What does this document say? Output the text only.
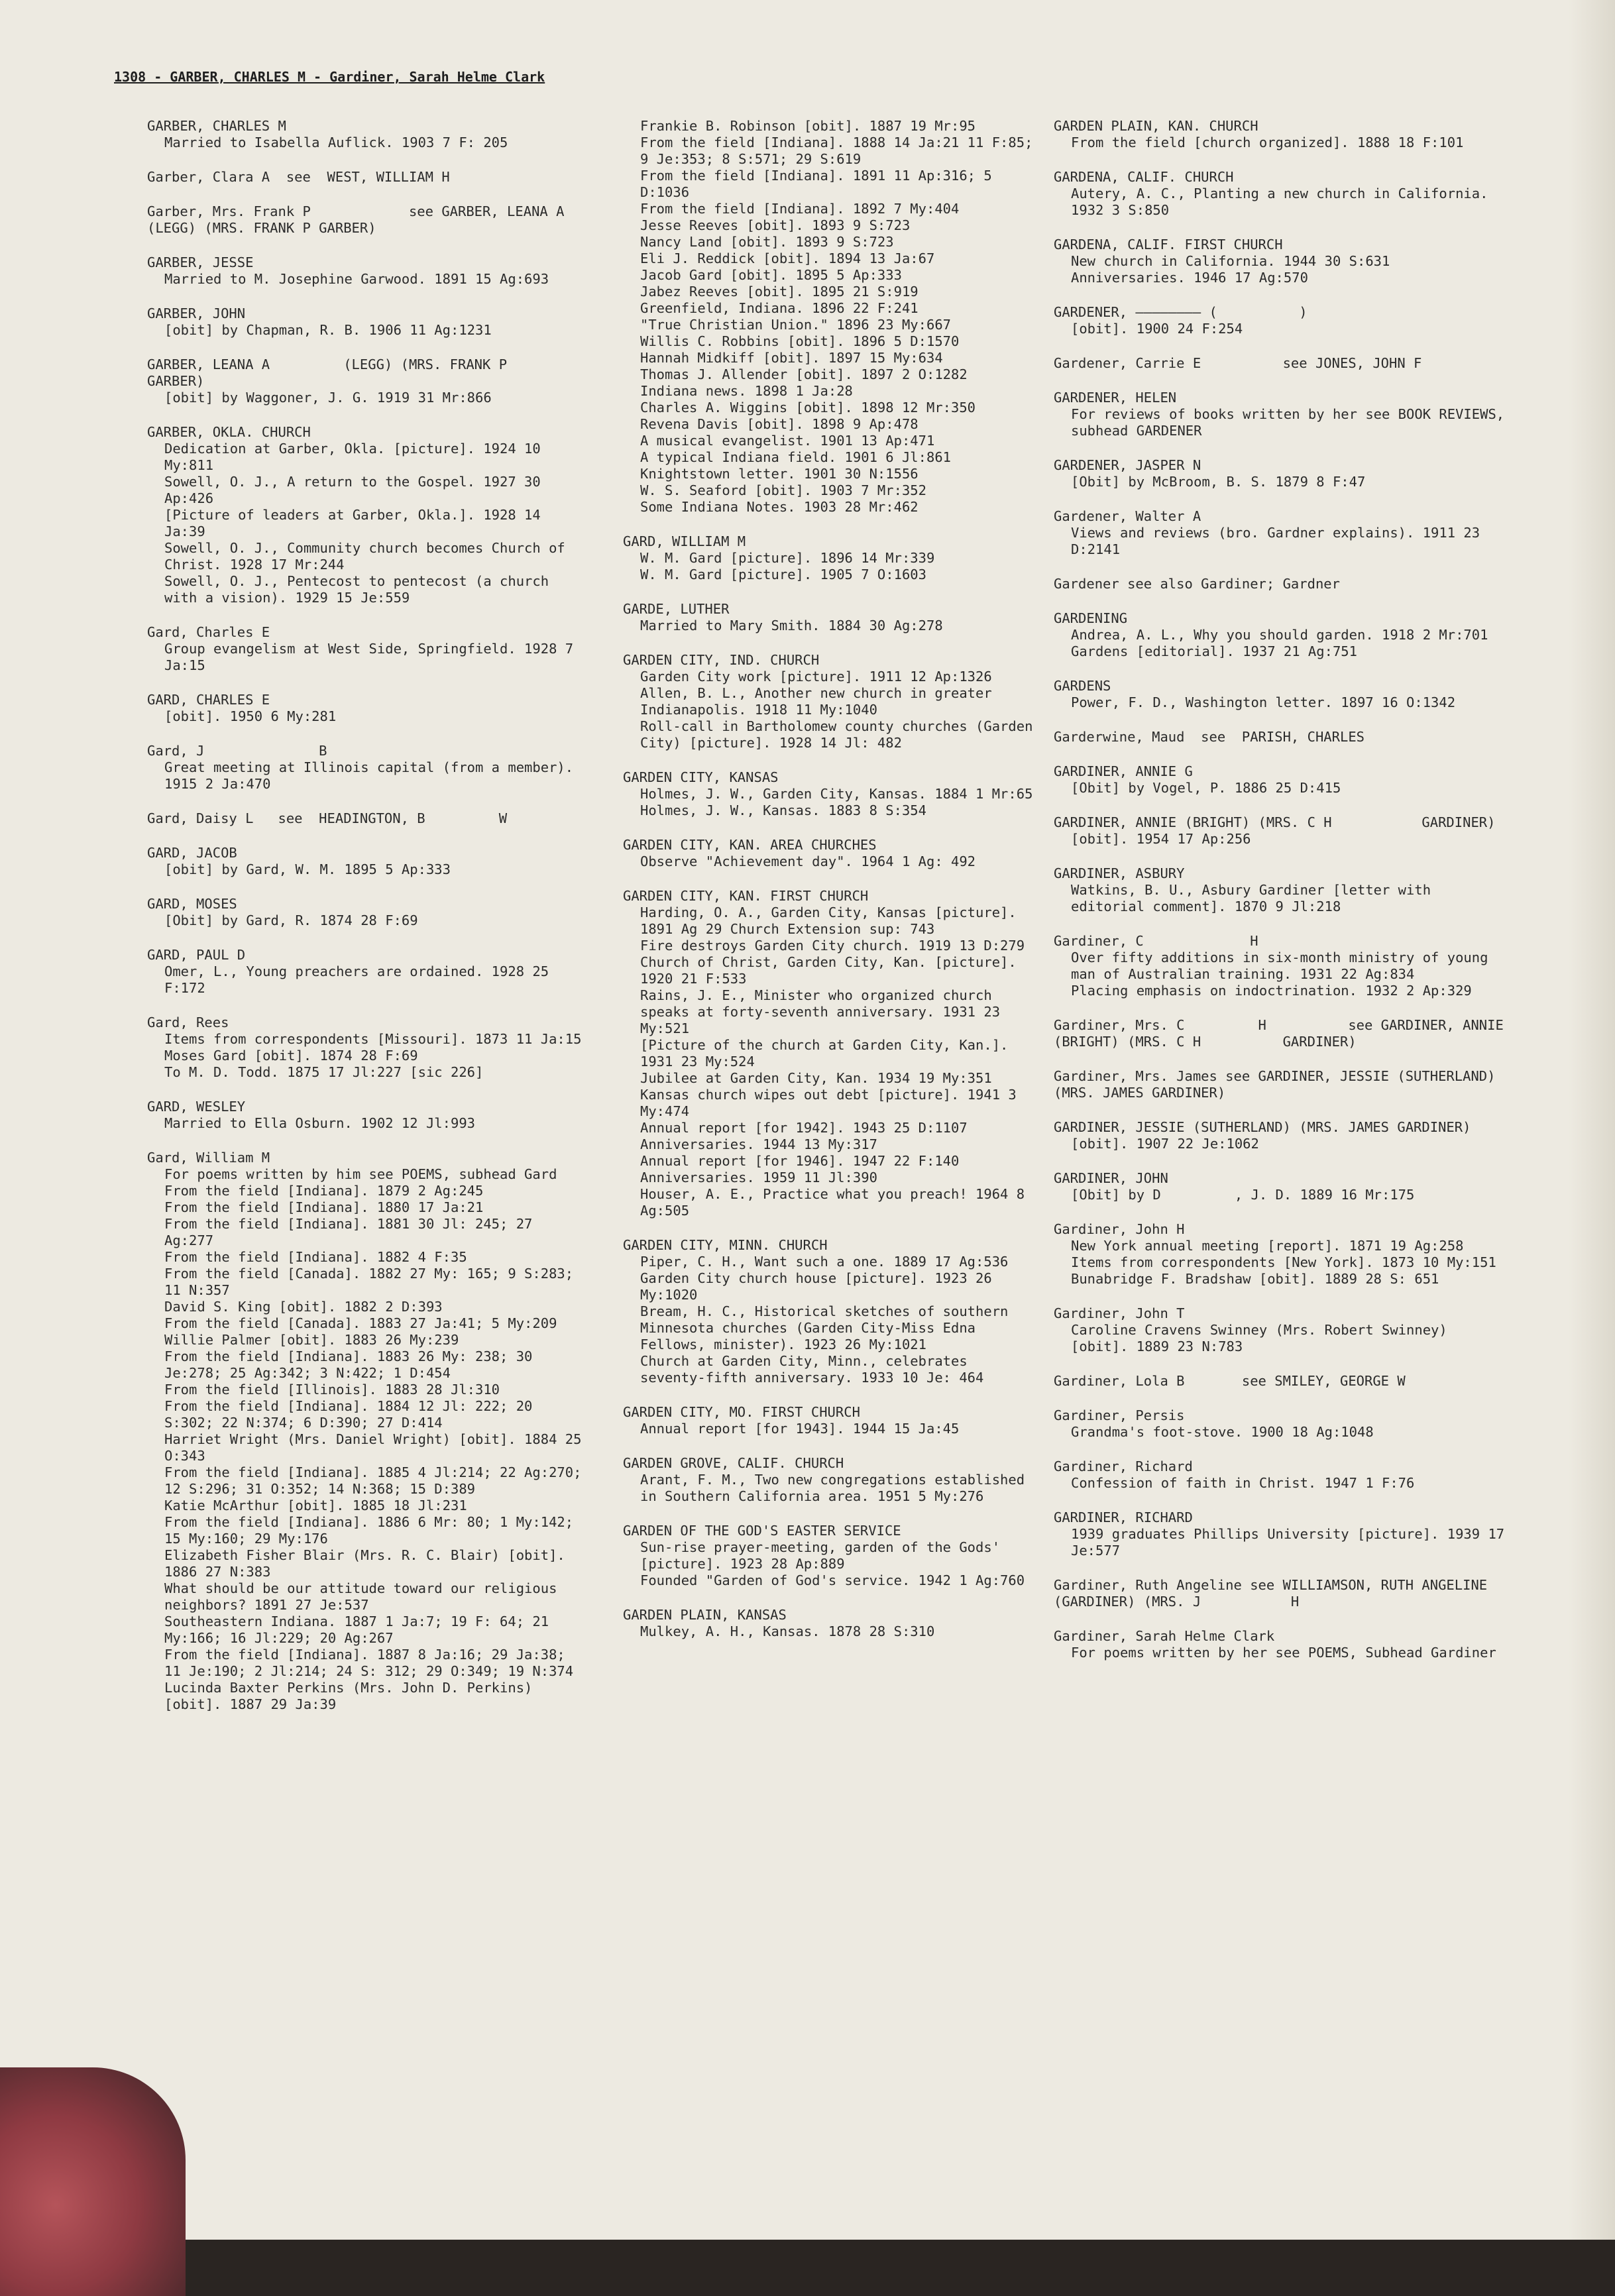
1308 - GARBER, CHARLES M - Gardiner, Sarah Helme Clark
GARBER, CHARLES M
Married to Isabella Auflick. 1903 7 F: 205
Garber, Clara A  see  WEST, WILLIAM H
Garber, Mrs. Frank P            see GARBER, LEANA A       (LEGG) (MRS. FRANK P GARBER)
GARBER, JESSE
Married to M. Josephine Garwood. 1891 15 Ag:693
GARBER, JOHN
[obit] by Chapman, R. B. 1906 11 Ag:1231
GARBER, LEANA A         (LEGG) (MRS. FRANK P          GARBER)
[obit] by Waggoner, J. G. 1919 31 Mr:866
GARBER, OKLA. CHURCH
Dedication at Garber, Okla. [picture]. 1924 10 My:811
Sowell, O. J., A return to the Gospel. 1927 30 Ap:426
[Picture of leaders at Garber, Okla.]. 1928 14 Ja:39
Sowell, O. J., Community church becomes Church of Christ. 1928 17 Mr:244
Sowell, O. J., Pentecost to pentecost (a church with a vision). 1929 15 Je:559
Gard, Charles E
Group evangelism at West Side, Springfield. 1928 7 Ja:15
GARD, CHARLES E
[obit]. 1950 6 My:281
Gard, J              B
Great meeting at Illinois capital (from a member). 1915 2 Ja:470
Gard, Daisy L   see  HEADINGTON, B         W
GARD, JACOB
[obit] by Gard, W. M. 1895 5 Ap:333
GARD, MOSES
[Obit] by Gard, R. 1874 28 F:69
GARD, PAUL D
Omer, L., Young preachers are ordained. 1928 25 F:172
Gard, Rees
Items from correspondents [Missouri]. 1873 11 Ja:15
Moses Gard [obit]. 1874 28 F:69
To M. D. Todd. 1875 17 Jl:227 [sic 226]
GARD, WESLEY
Married to Ella Osburn. 1902 12 Jl:993
Gard, William M
For poems written by him see POEMS, subhead Gard
From the field [Indiana]. 1879 2 Ag:245
From the field [Indiana]. 1880 17 Ja:21
From the field [Indiana]. 1881 30 Jl: 245; 27 Ag:277
From the field [Indiana]. 1882 4 F:35
From the field [Canada]. 1882 27 My: 165; 9 S:283; 11 N:357
David S. King [obit]. 1882 2 D:393
From the field [Canada]. 1883 27 Ja:41; 5 My:209
Willie Palmer [obit]. 1883 26 My:239
From the field [Indiana]. 1883 26 My: 238; 30 Je:278; 25 Ag:342; 3 N:422; 1 D:454
From the field [Illinois]. 1883 28 Jl:310
From the field [Indiana]. 1884 12 Jl: 222; 20 S:302; 22 N:374; 6 D:390; 27 D:414
Harriet Wright (Mrs. Daniel Wright) [obit]. 1884 25 O:343
From the field [Indiana]. 1885 4 Jl:214; 22 Ag:270; 12 S:296; 31 O:352; 14 N:368; 15 D:389
Katie McArthur [obit]. 1885 18 Jl:231
From the field [Indiana]. 1886 6 Mr: 80; 1 My:142; 15 My:160; 29 My:176
Elizabeth Fisher Blair (Mrs. R. C. Blair) [obit]. 1886 27 N:383
What should be our attitude toward our religious neighbors? 1891 27 Je:537
Southeastern Indiana. 1887 1 Ja:7; 19 F: 64; 21 My:166; 16 Jl:229; 20 Ag:267
From the field [Indiana]. 1887 8 Ja:16; 29 Ja:38; 11 Je:190; 2 Jl:214; 24 S: 312; 29 O:349; 19 N:374
Lucinda Baxter Perkins (Mrs. John D. Perkins) [obit]. 1887 29 Ja:39
Frankie B. Robinson [obit]. 1887 19 Mr:95
From the field [Indiana]. 1888 14 Ja:21 11 F:85; 9 Je:353; 8 S:571; 29 S:619
From the field [Indiana]. 1891 11 Ap:316; 5 D:1036
From the field [Indiana]. 1892 7 My:404
Jesse Reeves [obit]. 1893 9 S:723
Nancy Land [obit]. 1893 9 S:723
Eli J. Reddick [obit]. 1894 13 Ja:67
Jacob Gard [obit]. 1895 5 Ap:333
Jabez Reeves [obit]. 1895 21 S:919
Greenfield, Indiana. 1896 22 F:241
"True Christian Union." 1896 23 My:667
Willis C. Robbins [obit]. 1896 5 D:1570
Hannah Midkiff [obit]. 1897 15 My:634
Thomas J. Allender [obit]. 1897 2 O:1282
Indiana news. 1898 1 Ja:28
Charles A. Wiggins [obit]. 1898 12 Mr:350
Revena Davis [obit]. 1898 9 Ap:478
A musical evangelist. 1901 13 Ap:471
A typical Indiana field. 1901 6 Jl:861
Knightstown letter. 1901 30 N:1556
W. S. Seaford [obit]. 1903 7 Mr:352
Some Indiana Notes. 1903 28 Mr:462
GARD, WILLIAM M
W. M. Gard [picture]. 1896 14 Mr:339
W. M. Gard [picture]. 1905 7 O:1603
GARDE, LUTHER
Married to Mary Smith. 1884 30 Ag:278
GARDEN CITY, IND. CHURCH
Garden City work [picture]. 1911 12 Ap:1326
Allen, B. L., Another new church in greater Indianapolis. 1918 11 My:1040
Roll-call in Bartholomew county churches (Garden City) [picture]. 1928 14 Jl: 482
GARDEN CITY, KANSAS
Holmes, J. W., Garden City, Kansas. 1884 1 Mr:65
Holmes, J. W., Kansas. 1883 8 S:354
GARDEN CITY, KAN. AREA CHURCHES
Observe "Achievement day". 1964 1 Ag: 492
GARDEN CITY, KAN. FIRST CHURCH
Harding, O. A., Garden City, Kansas [picture]. 1891 Ag 29 Church Extension sup: 743
Fire destroys Garden City church. 1919 13 D:279
Church of Christ, Garden City, Kan. [picture]. 1920 21 F:533
Rains, J. E., Minister who organized church speaks at forty-seventh anniversary. 1931 23 My:521
[Picture of the church at Garden City, Kan.]. 1931 23 My:524
Jubilee at Garden City, Kan. 1934 19 My:351
Kansas church wipes out debt [picture]. 1941 3 My:474
Annual report [for 1942]. 1943 25 D:1107
Anniversaries. 1944 13 My:317
Annual report [for 1946]. 1947 22 F:140
Anniversaries. 1959 11 Jl:390
Houser, A. E., Practice what you preach! 1964 8 Ag:505
GARDEN CITY, MINN. CHURCH
Piper, C. H., Want such a one. 1889 17 Ag:536
Garden City church house [picture]. 1923 26 My:1020
Bream, H. C., Historical sketches of southern Minnesota churches (Garden City-Miss Edna Fellows, minister). 1923 26 My:1021
Church at Garden City, Minn., celebrates seventy-fifth anniversary. 1933 10 Je: 464
GARDEN CITY, MO. FIRST CHURCH
Annual report [for 1943]. 1944 15 Ja:45
GARDEN GROVE, CALIF. CHURCH
Arant, F. M., Two new congregations established in Southern California area. 1951 5 My:276
GARDEN OF THE GOD'S EASTER SERVICE
Sun-rise prayer-meeting, garden of the Gods' [picture]. 1923 28 Ap:889
Founded "Garden of God's service. 1942 1 Ag:760
GARDEN PLAIN, KANSAS
Mulkey, A. H., Kansas. 1878 28 S:310
GARDEN PLAIN, KAN. CHURCH
From the field [church organized]. 1888 18 F:101
GARDENA, CALIF. CHURCH
Autery, A. C., Planting a new church in California. 1932 3 S:850
GARDENA, CALIF. FIRST CHURCH
New church in California. 1944 30 S:631
Anniversaries. 1946 17 Ag:570
GARDENER, ———————— (          )
[obit]. 1900 24 F:254
Gardener, Carrie E          see JONES, JOHN F
GARDENER, HELEN
For reviews of books written by her see BOOK REVIEWS, subhead GARDENER
GARDENER, JASPER N
[Obit] by McBroom, B. S. 1879 8 F:47
Gardener, Walter A
Views and reviews (bro. Gardner explains). 1911 23 D:2141
Gardener see also Gardiner; Gardner
GARDENING
Andrea, A. L., Why you should garden. 1918 2 Mr:701
Gardens [editorial]. 1937 21 Ag:751
GARDENS
Power, F. D., Washington letter. 1897 16 O:1342
Garderwine, Maud  see  PARISH, CHARLES
GARDINER, ANNIE G
[Obit] by Vogel, P. 1886 25 D:415
GARDINER, ANNIE (BRIGHT) (MRS. C H           GARDINER)
[obit]. 1954 17 Ap:256
GARDINER, ASBURY
Watkins, B. U., Asbury Gardiner [letter with editorial comment]. 1870 9 Jl:218
Gardiner, C             H
Over fifty additions in six-month ministry of young man of Australian training. 1931 22 Ag:834
Placing emphasis on indoctrination. 1932 2 Ap:329
Gardiner, Mrs. C         H          see GARDINER, ANNIE (BRIGHT) (MRS. C H          GARDINER)
Gardiner, Mrs. James see GARDINER, JESSIE (SUTHERLAND) (MRS. JAMES GARDINER)
GARDINER, JESSIE (SUTHERLAND) (MRS. JAMES GARDINER)
[obit]. 1907 22 Je:1062
GARDINER, JOHN
[Obit] by D         , J. D. 1889 16 Mr:175
Gardiner, John H
New York annual meeting [report]. 1871 19 Ag:258
Items from correspondents [New York]. 1873 10 My:151
Bunabridge F. Bradshaw [obit]. 1889 28 S: 651
Gardiner, John T
Caroline Cravens Swinney (Mrs. Robert Swinney) [obit]. 1889 23 N:783
Gardiner, Lola B       see SMILEY, GEORGE W
Gardiner, Persis
Grandma's foot-stove. 1900 18 Ag:1048
Gardiner, Richard
Confession of faith in Christ. 1947 1 F:76
GARDINER, RICHARD
1939 graduates Phillips University [picture]. 1939 17 Je:577
Gardiner, Ruth Angeline see WILLIAMSON, RUTH ANGELINE (GARDINER) (MRS. J           H
Gardiner, Sarah Helme Clark
For poems written by her see POEMS, Subhead Gardiner
